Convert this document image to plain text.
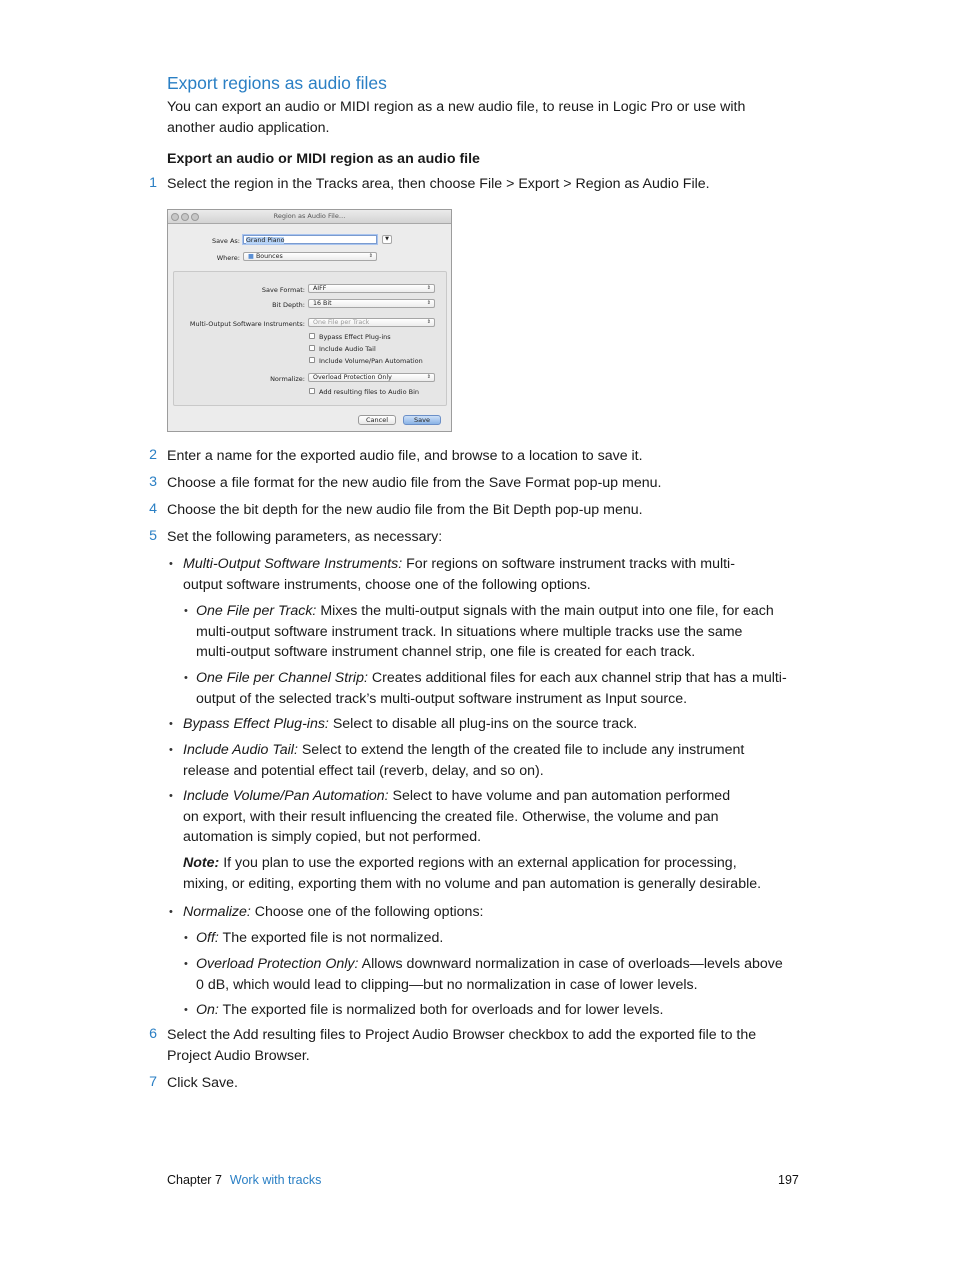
Export regions as audio files
You can export an audio or MIDI region as a new audio file, to reuse in Logic Pro or use with
another audio application.
Export an audio or MIDI region as an audio file
1 Select the region in the Tracks area, then choose File > Export > Region as Audio File.
Region as Audio File…
Save As: Grand Piano	▼
Where:	■ Bounces	⇕
Save Format:	AIFF	⇕
Bit Depth:	16 Bit	⇕
Multi-Output Software Instruments:	One File per Track	⇕
Bypass Effect Plug-ins
Include Audio Tail
Include Volume/Pan Automation
Normalize:	Overload Protection Only	⇕
Add resulting files to Audio Bin
Cancel	Save
2 Enter a name for the exported audio file, and browse to a location to save it.
3 Choose a file format for the new audio file from the Save Format pop-up menu.
4 Choose the bit depth for the new audio file from the Bit Depth pop-up menu.
5 Set the following parameters, as necessary:
• Multi-Output Software Instruments: For regions on software instrument tracks with multi-
output software instruments, choose one of the following options.
• One File per Track: Mixes the multi-output signals with the main output into one file, for each
multi-output software instrument track. In situations where multiple tracks use the same
multi-output software instrument channel strip, one file is created for each track.
• One File per Channel Strip: Creates additional files for each aux channel strip that has a multi-
output of the selected track’s multi-output software instrument as Input source.
• Bypass Effect Plug-ins: Select to disable all plug-ins on the source track.
• Include Audio Tail: Select to extend the length of the created file to include any instrument
release and potential effect tail (reverb, delay, and so on).
• Include Volume/Pan Automation: Select to have volume and pan automation performed
on export, with their result influencing the created file. Otherwise, the volume and pan
automation is simply copied, but not performed.
Note: If you plan to use the exported regions with an external application for processing,
mixing, or editing, exporting them with no volume and pan automation is generally desirable.
• Normalize: Choose one of the following options:
• Off: The exported file is not normalized.
• Overload Protection Only: Allows downward normalization in case of overloads—levels above
0 dB, which would lead to clipping—but no normalization in case of lower levels.
• On: The exported file is normalized both for overloads and for lower levels.
6 Select the Add resulting files to Project Audio Browser checkbox to add the exported file to the
Project Audio Browser.
7 Click Save.
Chapter 7 Work with tracks	197
